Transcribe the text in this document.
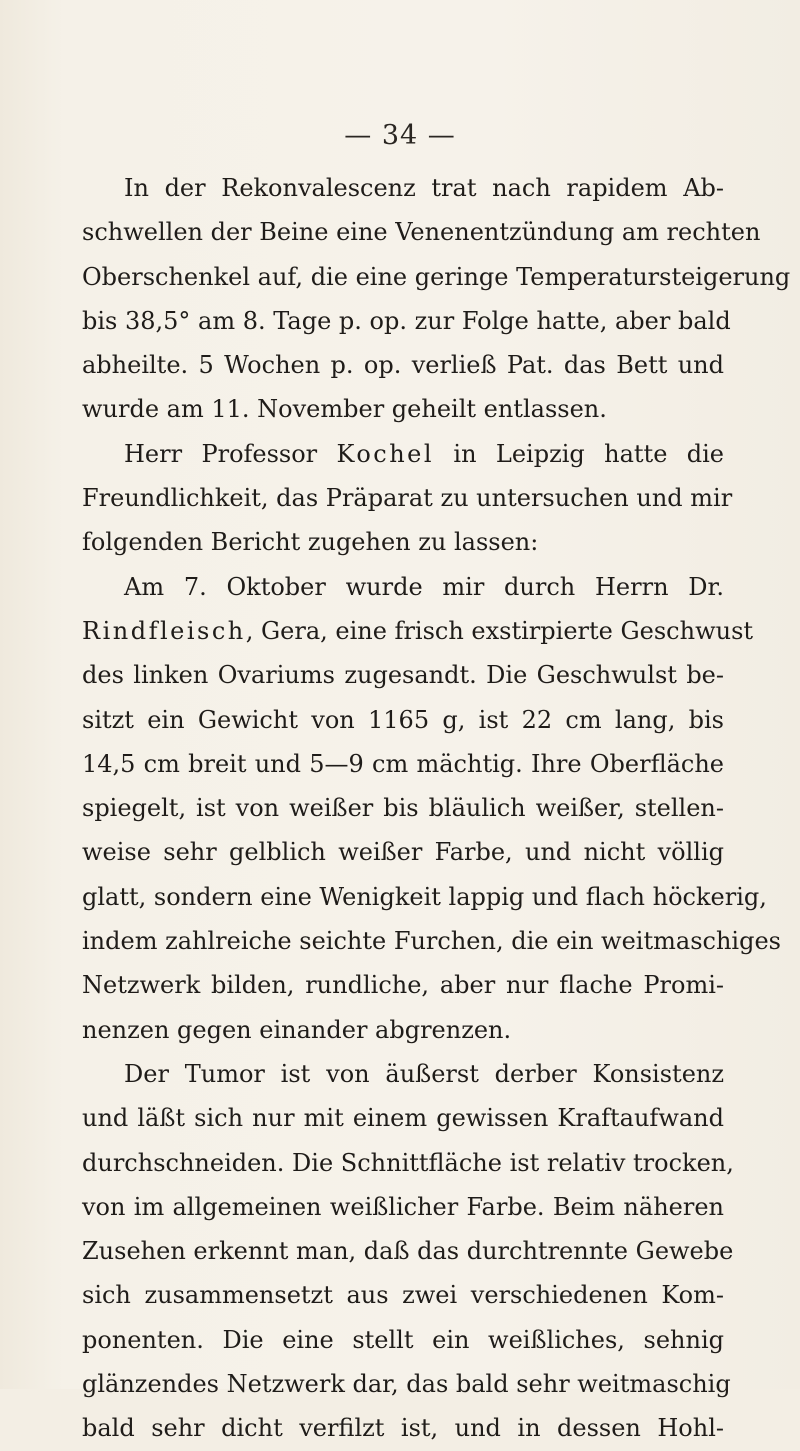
— 34 —
In der Rekonvalescenz trat nach rapidem Ab-
schwellen der Beine eine Venenentzündung am rechten
Oberschenkel auf, die eine geringe Temperatursteigerung
bis 38,5° am 8. Tage p. op. zur Folge hatte, aber bald
abheilte. 5 Wochen p. op. verließ Pat. das Bett und
wurde am 11. November geheilt entlassen.
Herr Professor Kochel in Leipzig hatte die
Freundlichkeit, das Präparat zu untersuchen und mir
folgenden Bericht zugehen zu lassen:
Am 7. Oktober wurde mir durch Herrn Dr.
Rindfleisch, Gera, eine frisch exstirpierte Geschwust
des linken Ovariums zugesandt. Die Geschwulst be-
sitzt ein Gewicht von 1165 g, ist 22 cm lang, bis
14,5 cm breit und 5—9 cm mächtig. Ihre Oberfläche
spiegelt, ist von weißer bis bläulich weißer, stellen-
weise sehr gelblich weißer Farbe, und nicht völlig
glatt, sondern eine Wenigkeit lappig und flach höckerig,
indem zahlreiche seichte Furchen, die ein weitmaschiges
Netzwerk bilden, rundliche, aber nur flache Promi-
nenzen gegen einander abgrenzen.
Der Tumor ist von äußerst derber Konsistenz
und läßt sich nur mit einem gewissen Kraftaufwand
durchschneiden. Die Schnittfläche ist relativ trocken,
von im allgemeinen weißlicher Farbe. Beim näheren
Zusehen erkennt man, daß das durchtrennte Gewebe
sich zusammensetzt aus zwei verschiedenen Kom-
ponenten. Die eine stellt ein weißliches, sehnig
glänzendes Netzwerk dar, das bald sehr weitmaschig
bald sehr dicht verfilzt ist, und in dessen Hohl-
